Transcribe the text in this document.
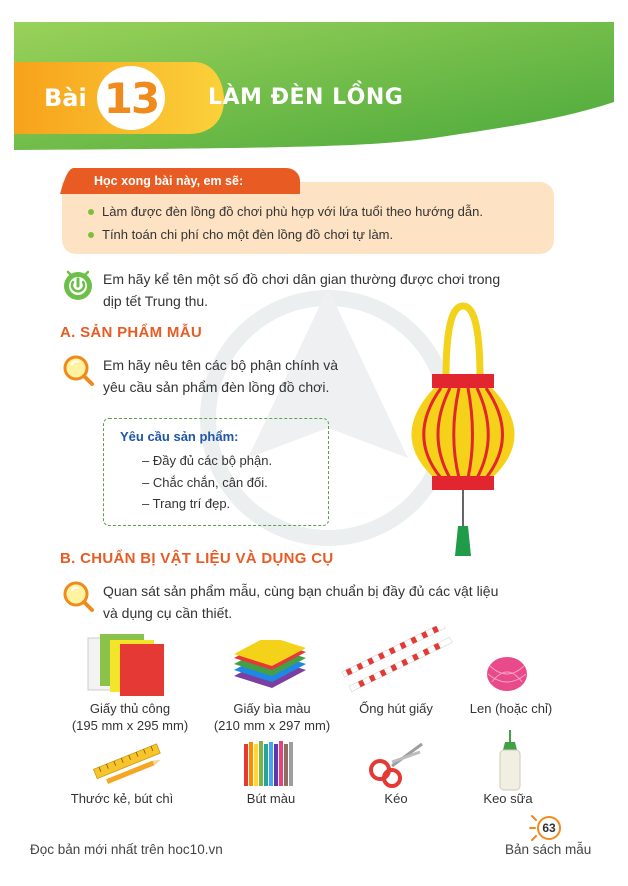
Bài 13 LÀM ĐÈN LỒNG
Làm được đèn lồng đồ chơi phù hợp với lứa tuổi theo hướng dẫn.
Tính toán chi phí cho một đèn lồng đồ chơi tự làm.
Học xong bài này, em sẽ:
Em hãy kể tên một số đồ chơi dân gian thường được chơi trong
dịp tết Trung thu.
A. SẢN PHẨM MẪU
Em hãy nêu tên các bộ phận chính và
yêu cầu sản phẩm đèn lồng đồ chơi.
Yêu cầu sản phẩm:
– Đầy đủ các bộ phận.
– Chắc chắn, cân đối.
– Trang trí đẹp.
B. CHUẨN BỊ VẬT LIỆU VÀ DỤNG CỤ
Quan sát sản phẩm mẫu, cùng bạn chuẩn bị đầy đủ các vật liệu
và dụng cụ cần thiết.
Giấy thủ công
(195 mm x 295 mm)
Giấy bìa màu
(210 mm x 297 mm)
Ống hút giấy	Len (hoặc chỉ)
Thước kẻ, bút chì	Bút màu	Kéo	Keo sữa
63
Đọc bản mới nhất trên hoc10.vn	Bản sách mẫu
